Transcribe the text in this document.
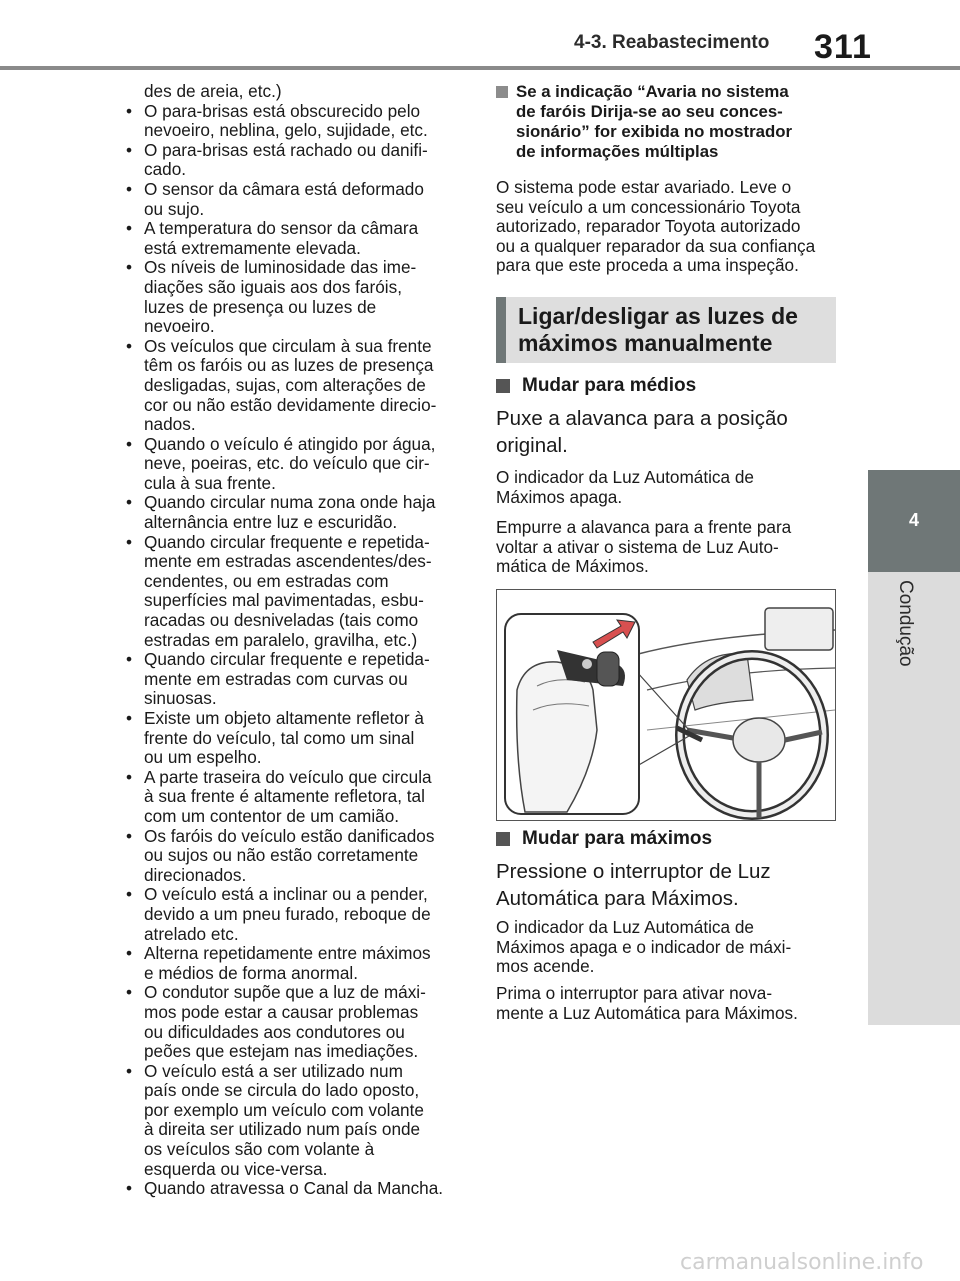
4-3. Reabastecimento 311
4
Condução

des de areia, etc.)

• O para-brisas está obscurecido pelo
nevoeiro, neblina, gelo, sujidade, etc.
• O para-brisas está rachado ou danifi-
cado.
• O sensor da câmara está deformado
ou sujo.
• A temperatura do sensor da câmara
está extremamente elevada.
• Os níveis de luminosidade das ime-
diações são iguais aos dos faróis,
luzes de presença ou luzes de
nevoeiro.
• Os veículos que circulam à sua frente
têm os faróis ou as luzes de presença
desligadas, sujas, com alterações de
cor ou não estão devidamente direcio-
nados.
• Quando o veículo é atingido por água,
neve, poeiras, etc. do veículo que cir-
cula à sua frente.
• Quando circular numa zona onde haja
alternância entre luz e escuridão.
• Quando circular frequente e repetida-
mente em estradas ascendentes/des-
cendentes, ou em estradas com
superfícies mal pavimentadas, esbu-
racadas ou desniveladas (tais como
estradas em paralelo, gravilha, etc.)
• Quando circular frequente e repetida-
mente em estradas com curvas ou
sinuosas.
• Existe um objeto altamente refletor à
frente do veículo, tal como um sinal
ou um espelho.
• A parte traseira do veículo que circula
à sua frente é altamente refletora, tal
com um contentor de um camião.
• Os faróis do veículo estão danificados
ou sujos ou não estão corretamente
direcionados.
• O veículo está a inclinar ou a pender,
devido a um pneu furado, reboque de
atrelado etc.
• Alterna repetidamente entre máximos
e médios de forma anormal.
• O condutor supõe que a luz de máxi-
mos pode estar a causar problemas
ou dificuldades aos condutores ou
peões que estejam nas imediações.
• O veículo está a ser utilizado num
país onde se circula do lado oposto,
por exemplo um veículo com volante
à direita ser utilizado num país onde
os veículos são com volante à
esquerda ou vice-versa.
• Quando atravessa o Canal da Mancha.
Se a indicação “Avaria no sistema
de faróis Dirija-se ao seu conces-
sionário” for exibida no mostrador
de informações múltiplas
O sistema pode estar avariado. Leve o
seu veículo a um concessionário Toyota
autorizado, reparador Toyota autorizado
ou a qualquer reparador da sua confiança
para que este proceda a uma inspeção.
Ligar/desligar as luzes de
máximos manualmente
Mudar para médios
Puxe a alavanca para a posição
original.
O indicador da Luz Automática de
Máximos apaga.
Empurre a alavanca para a frente para
voltar a ativar o sistema de Luz Auto-
mática de Máximos.
Mudar para máximos
Pressione o interruptor de Luz
Automática para Máximos.
O indicador da Luz Automática de
Máximos apaga e o indicador de máxi-
mos acende.
Prima o interruptor para ativar nova-
mente a Luz Automática para Máximos.
carmanualsonline.info
